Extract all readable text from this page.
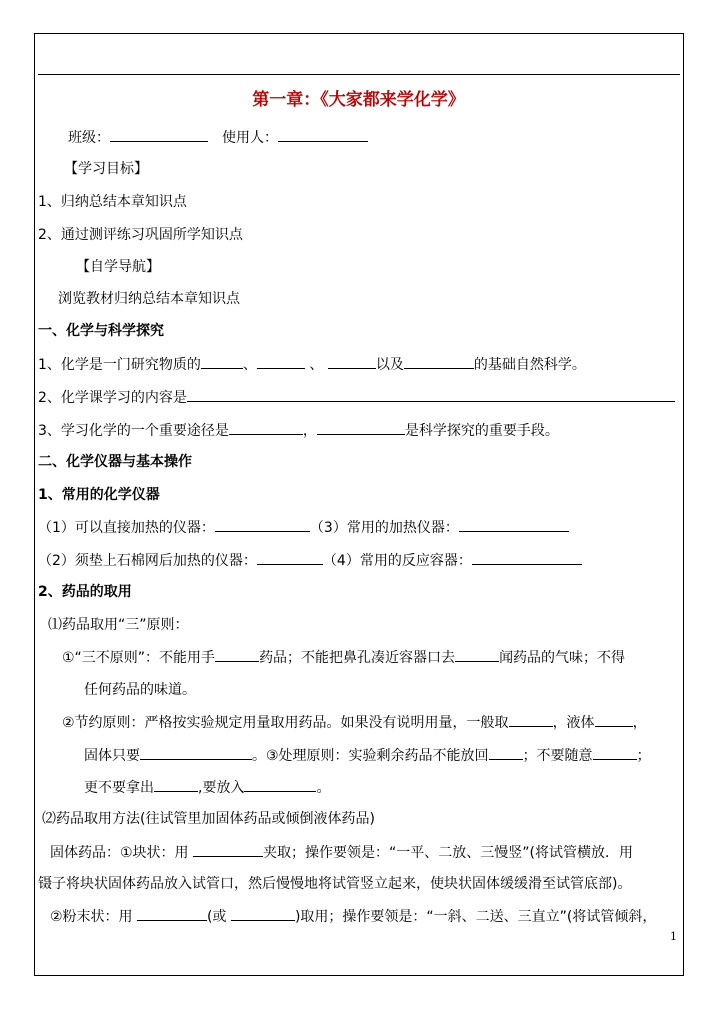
第一章：《大家都来学化学》
班级：	使用人：
【学习目标】
1、归纳总结本章知识点
2、通过测评练习巩固所学知识点
【自学导航】
浏览教材归纳总结本章知识点
一、化学与科学探究
1、化学是一门研究物质的	、	、	以及	的基础自然科学。
2、化学课学习的内容是
3、学习化学的一个重要途径是	，	是科学探究的重要手段。
二、化学仪器与基本操作
1、常用的化学仪器
（1）可以直接加热的仪器：	（3）常用的加热仪器：
（2）须垫上石棉网后加热的仪器：	（4）常用的反应容器：
2、药品的取用
⑴药品取用“三”原则：
①“三不原则”：不能用手	药品；不能把鼻孔凑近容器口去	闻药品的气味；不得
任何药品的味道。
②节约原则：严格按实验规定用量取用药品。如果没有说明用量，一般取	，液体	，
固体只要	。③处理原则：实验剩余药品不能放回 ；不要随意	；
更不要拿出	,要放入	。
⑵药品取用方法(往试管里加固体药品或倾倒液体药品)
固体药品：①块状：用	夹取；操作要领是：“一平、二放、三慢竖”(将试管横放．用
镊子将块状固体药品放入试管口，然后慢慢地将试管竖立起来，使块状固体缓缓滑至试管底部)。
②粉末状：用	(或	)取用；操作要领是：“一斜、二送、三直立”(将试管倾斜，
1
